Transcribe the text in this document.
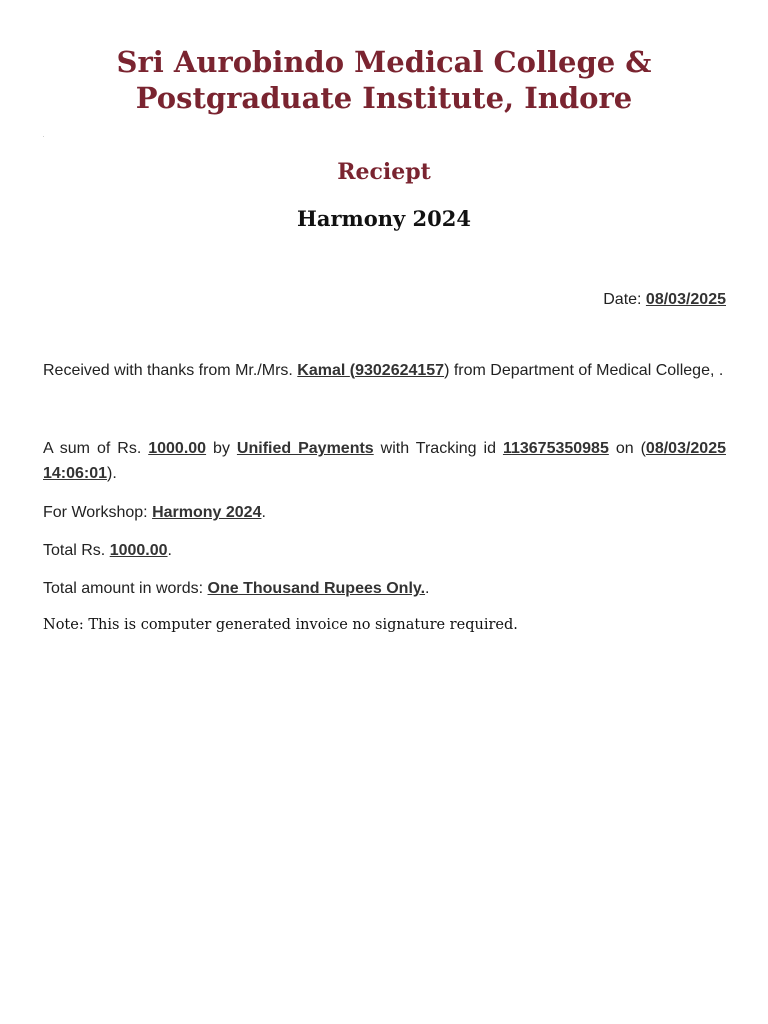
Sri Aurobindo Medical College &
Postgraduate Institute, Indore
Reciept
Harmony 2024
Date: 08/03/2025

Received with thanks from Mr./Mrs. Kamal (9302624157) from Department of Medical College, .

A sum of Rs. 1000.00 by Unified Payments with Tracking id 113675350985 on (08/03/2025 14:06:01).

For Workshop: Harmony 2024.

Total Rs. 1000.00.

Total amount in words: One Thousand Rupees Only..

Note: This is computer generated invoice no signature required.
